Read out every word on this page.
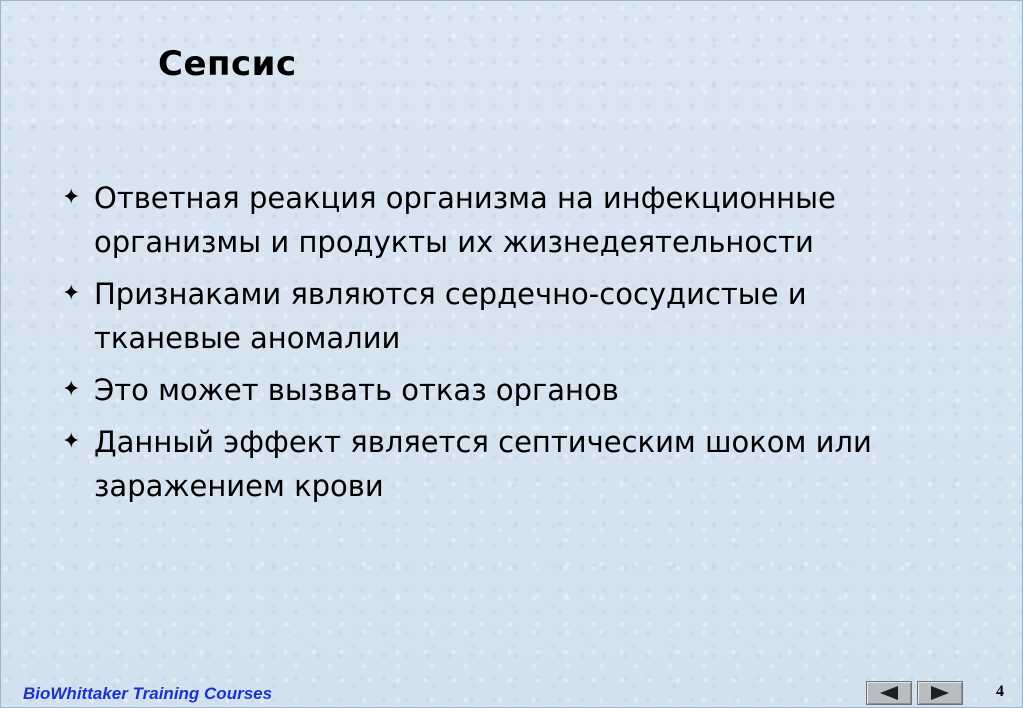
Сепсис
✦ Ответная реакция организма на инфекционные организмы и продукты их жизнедеятельности
✦ Признаками являются сердечно-сосудистые и тканевые аномалии
✦ Это может вызвать отказ органов
✦ Данный эффект является септическим шоком или заражением крови
BioWhittaker Training Courses	4
